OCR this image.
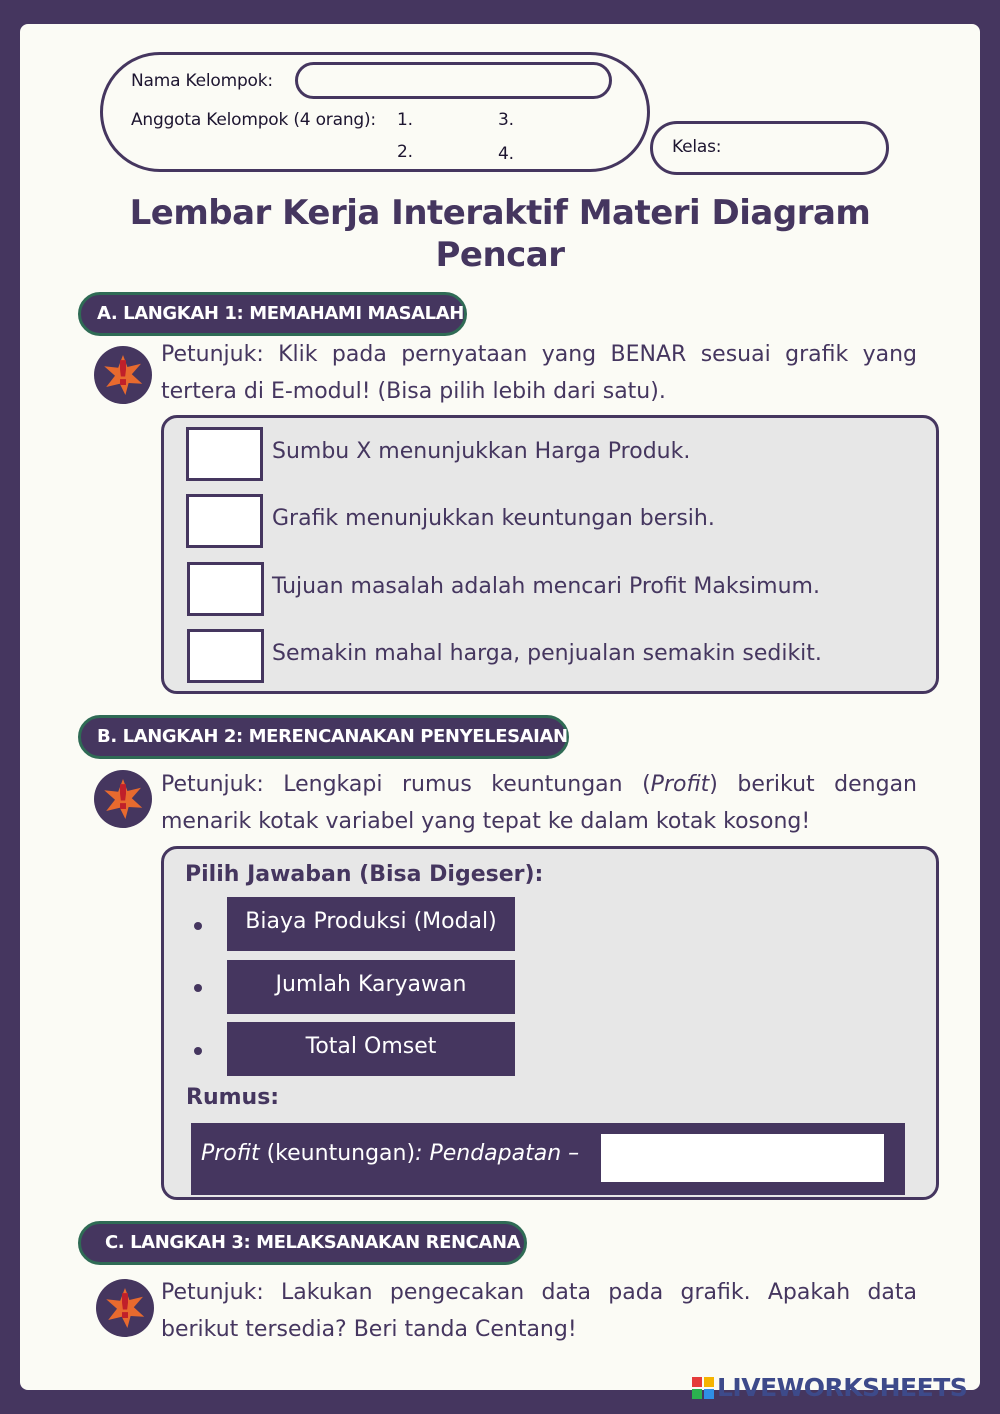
Nama Kelompok:
Anggota Kelompok (4 orang): 1.
2.
3.
4.	Kelas:
Lembar Kerja Interaktif Materi Diagram
Pencar
A. LANGKAH 1: MEMAHAMI MASALAH
!	Petunjuk: Klik pada pernyataan yang BENAR sesuai grafik yang tertera di E-modul! (Bisa pilih lebih dari satu).
Sumbu X menunjukkan Harga Produk.
Grafik menunjukkan keuntungan bersih.
Tujuan masalah adalah mencari Profit Maksimum.
Semakin mahal harga, penjualan semakin sedikit.
B. LANGKAH 2: MERENCANAKAN PENYELESAIAN
!	Petunjuk: Lengkapi rumus keuntungan (Profit) berikut dengan menarik kotak variabel yang tepat ke dalam kotak kosong!
Pilih Jawaban (Bisa Digeser):
Biaya Produksi (Modal)
Jumlah Karyawan
Total Omset
Rumus:
Profit (keuntungan): Pendapatan –
C. LANGKAH 3: MELAKSANAKAN RENCANA
!	Petunjuk: Lakukan pengecakan data pada grafik. Apakah data berikut tersedia? Beri tanda Centang!
LIVEWORKSHEETS
